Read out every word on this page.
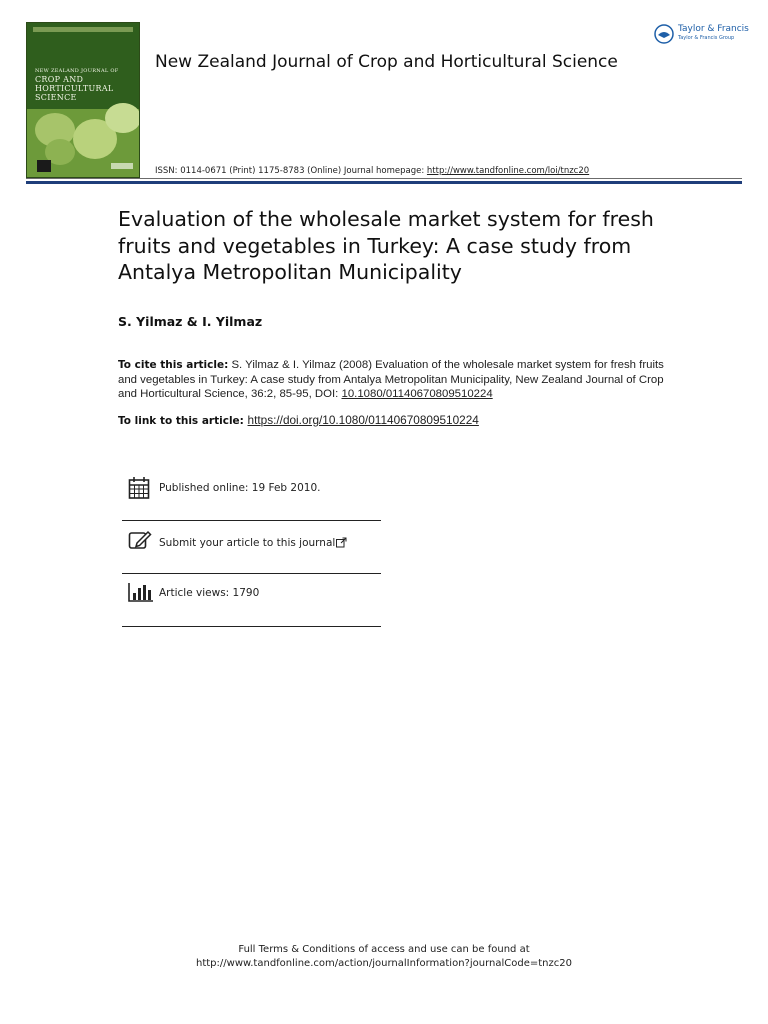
NEW ZEALAND JOURNAL OF
CROP AND
HORTICULTURAL
SCIENCE
New Zealand Journal of Crop and Horticultural Science
Taylor & Francis
Taylor & Francis Group
ISSN: 0114-0671 (Print) 1175-8783 (Online) Journal homepage: http://www.tandfonline.com/loi/tnzc20
Evaluation of the wholesale market system for fresh fruits and vegetables in Turkey: A case study from Antalya Metropolitan Municipality
S. Yilmaz & I. Yilmaz
To cite this article: S. Yilmaz & I. Yilmaz (2008) Evaluation of the wholesale market system for fresh fruits and vegetables in Turkey: A case study from Antalya Metropolitan Municipality, New Zealand Journal of Crop and Horticultural Science, 36:2, 85-95, DOI: 10.1080/01140670809510224
To link to this article: https://doi.org/10.1080/01140670809510224
Published online: 19 Feb 2010.
Submit your article to this journal
Article views: 1790
Full Terms & Conditions of access and use can be found at
http://www.tandfonline.com/action/journalInformation?journalCode=tnzc20
